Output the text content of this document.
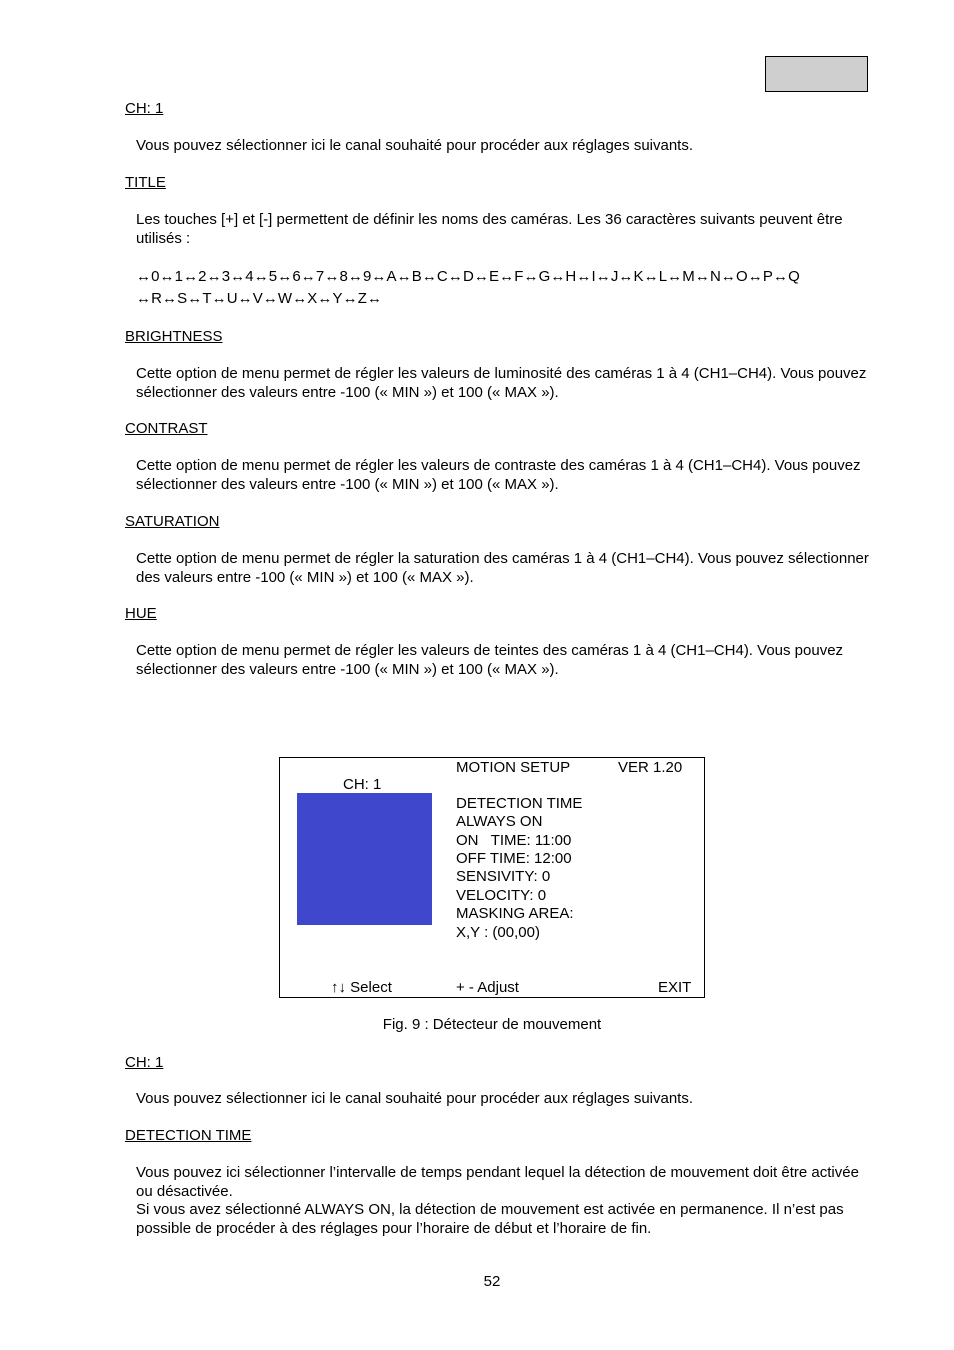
CH: 1
Vous pouvez sélectionner ici le canal souhaité pour procéder aux réglages suivants.
TITLE
Les touches [+] et [-] permettent de définir les noms des caméras. Les 36 caractères suivants peuvent être utilisés :
↔0↔1↔2↔3↔4↔5↔6↔7↔8↔9↔A↔B↔C↔D↔E↔F↔G↔H↔I↔J↔K↔L↔M↔N↔O↔P↔Q
↔R↔S↔T↔U↔V↔W↔X↔Y↔Z↔
BRIGHTNESS
Cette option de menu permet de régler les valeurs de luminosité des caméras 1 à 4 (CH1–CH4). Vous pouvez sélectionner des valeurs entre -100 (« MIN ») et 100 (« MAX »).
CONTRAST
Cette option de menu permet de régler les valeurs de contraste des caméras 1 à 4 (CH1–CH4). Vous pouvez sélectionner des valeurs entre -100 (« MIN ») et 100 (« MAX »).
SATURATION
Cette option de menu permet de régler la saturation des caméras 1 à 4 (CH1–CH4). Vous pouvez sélectionner des valeurs entre -100 (« MIN ») et 100 (« MAX »).
HUE
Cette option de menu permet de régler les valeurs de teintes des caméras 1 à 4 (CH1–CH4). Vous pouvez sélectionner des valeurs entre -100 (« MIN ») et 100 (« MAX »).
MOTION SETUP	VER 1.20
CH: 1
DETECTION TIME
ALWAYS ON
ON   TIME: 11:00
OFF TIME: 12:00
SENSIVITY: 0
VELOCITY: 0
MASKING AREA:
X,Y : (00,00)
↑↓ Select	+ - Adjust	EXIT
Fig. 9 : Détecteur de mouvement
CH: 1
Vous pouvez sélectionner ici le canal souhaité pour procéder aux réglages suivants.
DETECTION TIME
Vous pouvez ici sélectionner l’intervalle de temps pendant lequel la détection de mouvement doit être activée ou désactivée.
Si vous avez sélectionné ALWAYS ON, la détection de mouvement est activée en permanence. Il n’est pas possible de procéder à des réglages pour l’horaire de début et l’horaire de fin.
52
